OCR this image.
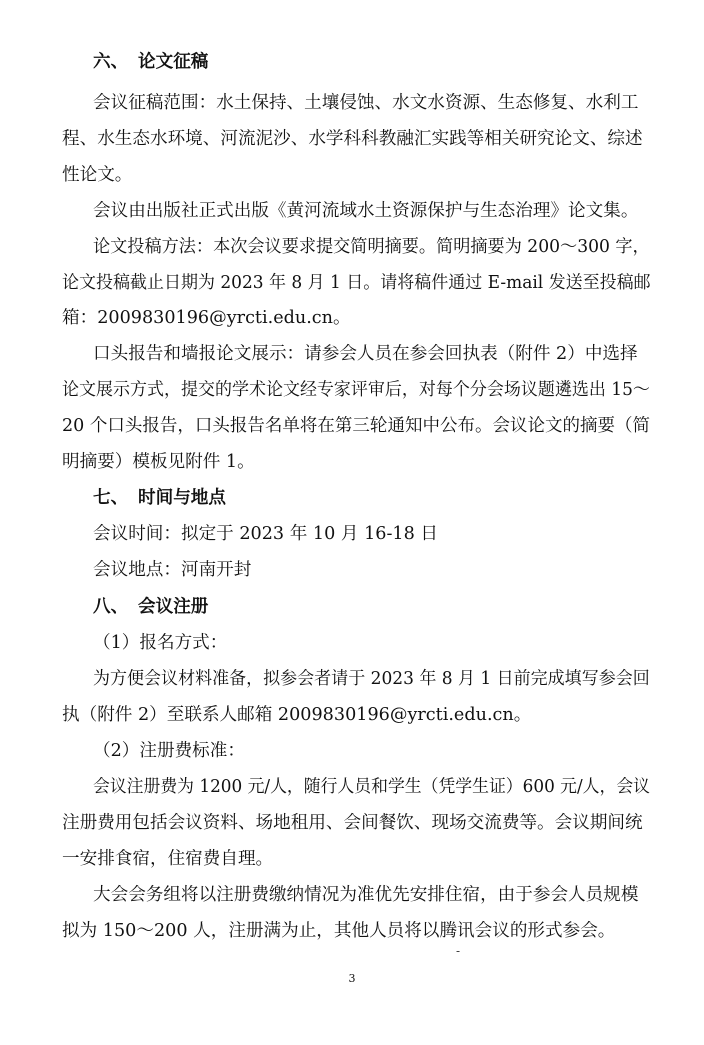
六、 论文征稿
会议征稿范围：水土保持、土壤侵蚀、水文水资源、生态修复、水利工
程、水生态水环境、河流泥沙、水学科科教融汇实践等相关研究论文、综述
性论文。
会议由出版社正式出版《黄河流域水土资源保护与生态治理》论文集。
论文投稿方法：本次会议要求提交简明摘要。简明摘要为 200～300 字，
论文投稿截止日期为 2023 年 8 月 1 日。请将稿件通过 E-mail 发送至投稿邮
箱：2009830196@yrcti.edu.cn。
口头报告和墙报论文展示：请参会人员在参会回执表（附件 2）中选择
论文展示方式，提交的学术论文经专家评审后，对每个分会场议题遴选出 15～
20 个口头报告，口头报告名单将在第三轮通知中公布。会议论文的摘要（简
明摘要）模板见附件 1。
七、 时间与地点
会议时间：拟定于 2023 年 10 月 16-18 日
会议地点：河南开封
八、 会议注册
（1）报名方式：
为方便会议材料准备，拟参会者请于 2023 年 8 月 1 日前完成填写参会回
执（附件 2）至联系人邮箱 2009830196@yrcti.edu.cn。
（2）注册费标准：
会议注册费为 1200 元/人，随行人员和学生（凭学生证）600 元/人，会议
注册费用包括会议资料、场地租用、会间餐饮、现场交流费等。会议期间统
一安排食宿，住宿费自理。
大会会务组将以注册费缴纳情况为准优先安排住宿，由于参会人员规模
拟为 150～200 人，注册满为止，其他人员将以腾讯会议的形式参会。
-
3
